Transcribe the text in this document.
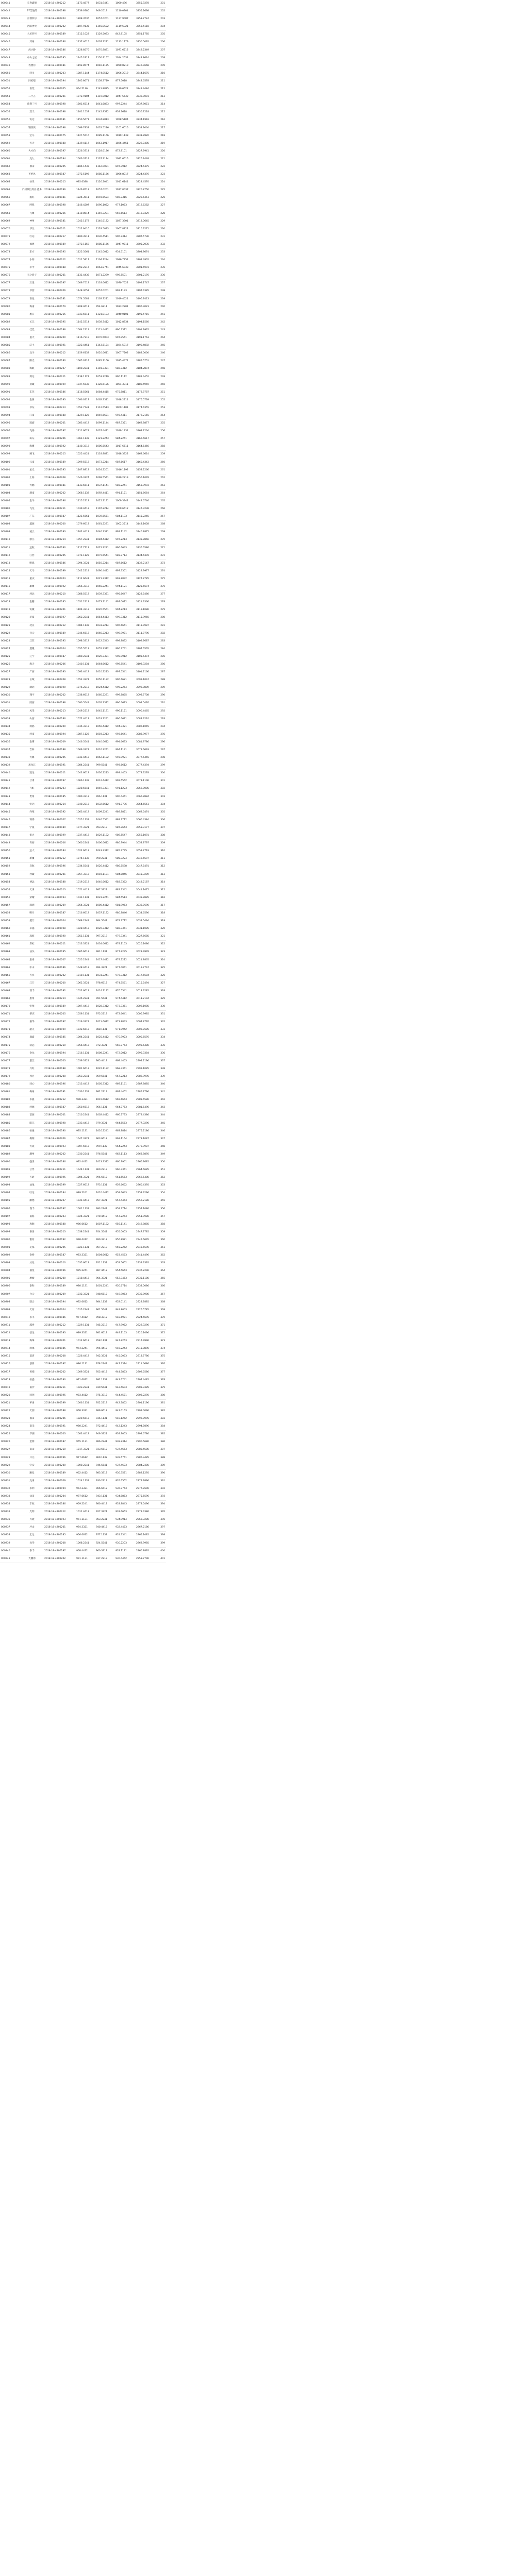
000041	长春鑫德	2018-18-4200212	1173.4877	1031.9441	1060.496	3255.9278	201
000042	97艾迪的	2018-18-4200198	2739.0786	949.2513	1110.0904	3255.2698	202
000043	京瑞四号	2018-18-4200204	1208.3536	1057.0201	1127.9087	3253.7724	203
000044	洛阳神火	2018-18-4200202	1107.9135	1145.8522	1119.6321	3253.4118	204
000045	大坨四号	2018-18-4200189	1212.1022	1129.5033	842.8105	3251.1785	205
000046	苏州	2018-18-4200186	1137.4615	1007.2211	1133.1179	3250.5095	206
000047	鸽小静	2018-18-4200186	1128.8576	1070.8831	1071.6212	3249.2349	207
000048	中山之星	2018-18-4200195	1145.2917	1150.9157	1014.2534	3248.8624	208
000049	我想你	2018-18-4200181	1192.8574	1046.1175	1050.8219	3246.9668	209
000050	四川	2018-18-4200203	1087.1144	1174.8512	1006.2019	3244.1675	210
000051	回家吧	2018-18-4200194	1205.8671	1158.3719	877.5018	3243.6578	211
000052	洪荒	2018-18-4200205	964.5136	1141.8825	1130.6522	3241.3484	212
000053	二十五	2018-18-4200201	1072.9104	1119.0012	1047.5532	3239.0001	213
000054	紫荆三号	2018-18-4200198	1201.6514	1041.6833	997.2244	3237.8051	214
000055	双天	2018-18-4200198	1101.1537	1145.8522	938.7618	3236.7218	215
000056	安达	2018-18-4200181	1150.5671	1034.8813	1058.5104	3234.1918	216
000057	钢铁侠	2018-18-4200198	1099.7833	1032.5216	1101.6015	3233.9064	217
000058	宝马	2018-18-4200175	1127.5516	1085.1166	1019.1138	3231.7820	218
000059	天天	2018-18-4200188	1139.4117	1063.1917	1026.4451	3229.0485	219
000060	大方向	2018-18-4200197	1226.3714	1128.6126	872.8101	3227.7941	220
000061	龙九	2018-18-4200194	1006.3719	1137.2114	1082.6615	3226.2448	221
000062	佛山	2018-18-4200205	1185.1432	1142.0031	897.3912	3224.5375	222
000063	英伦风	2018-18-4200187	1072.5193	1085.1166	1066.8017	3224.4376	223
000064	快乐	2018-18-4200215	985.6388	1126.2041	1011.6141	3223.4570	224
000065	广州领汇鸽业·佳乡	2018-18-4200196	1146.8512	1057.0201	1017.0037	3220.8750	225
000066	鑫旺	2018-18-4200181	1224.3511	1093.5524	902.7316	3220.6351	226
000067	阿凯	2018-18-4200198	1146.4207	1096.1022	977.1053	3219.6282	227
000068	飞鹰	2018-18-4200226	1110.8514	1149.3201	956.6614	3216.8329	228
000069	神州	2018-18-4200181	1045.1172	1140.6172	1027.3301	3213.0645	229
000070	华北	2018-18-4200211	1012.9416	1129.5033	1067.8822	3210.3271	230
000071	红运	2018-18-4200217	1180.3911	1030.4511	996.7314	3207.5736	231
000072	福建	2018-18-4200189	1072.1158	1085.1166	1047.9711	3205.2035	232
000073	东方	2018-18-4200195	1125.3561	1145.0012	934.5101	3204.8674	233
000074	小海	2018-18-4200212	1011.5917	1104.1234	1086.7751	3202.4902	234
000075	华中	2018-18-4200188	1092.2217	1063.8741	1045.6033	3201.6991	235
000076	天之骄子	2018-18-4200201	1131.4436	1071.2239	998.5501	3201.2176	236
000077	万里	2018-18-4200197	1009.7513	1118.6612	1070.7622	3199.1747	237
000078	华西	2018-18-4200206	1148.3051	1057.0201	992.1133	3197.4385	238
000079	新星	2018-18-4200181	1074.5581	1102.7211	1019.4621	3196.7413	239
000080	海南	2018-18-4200179	1208.4611	954.6211	1033.2201	3196.3023	240
000081	旭日	2018-18-4200215	1033.6511	1121.8103	1040.0101	3195.4715	241
000082	长江	2018-18-4200195	1142.5314	1038.7412	1012.8834	3194.1560	242
000083	佳佳	2018-18-4200188	1084.2211	1111.4412	996.3312	3191.9935	243
000084	蓝天	2018-18-4200200	1116.7219	1076.5003	997.9541	3191.1763	244
000085	沃土	2018-18-4200191	1022.4451	1143.5124	1024.5317	3190.4892	245
000086	北斗	2018-18-4200212	1159.6132	1020.6611	1007.7202	3188.0000	246
000087	阳光	2018-18-4200180	1065.0114	1085.1166	1035.4471	3185.5751	247
000088	海峡	2018-18-4200207	1100.2241	1101.3321	982.7312	3184.2874	248
000089	鸿运	2018-18-4200211	1138.1121	1053.2219	990.1112	3181.4452	249
000090	晨曦	2018-18-4200199	1047.5532	1128.6126	1004.3311	3180.4969	250
000091	东莞	2018-18-4200186	1118.5561	1084.4415	975.8811	3178.8787	251
000092	金翼	2018-18-4200193	1096.0217	1062.3311	1018.2211	3176.5739	252
000093	华东	2018-18-4200214	1052.7741	1112.5513	1009.1101	3174.4355	253
000094	江南	2018-18-4200188	1129.1123	1049.6621	993.4411	3172.2155	254
000095	凯旋	2018-18-4200201	1083.4412	1099.1144	987.3321	3169.8877	255
000096	飞扬	2018-18-4200197	1111.6622	1037.4411	1019.1231	3168.2264	256
000097	山东	2018-18-4200206	1061.1133	1121.2243	984.2241	3166.5617	257
000098	海鹰	2018-18-4200192	1140.3312	1006.5543	1017.6611	3164.5466	258
000099	腾飞	2018-18-4200215	1025.4421	1118.8871	1018.3322	3162.6614	259
000100	云南	2018-18-4200189	1099.5512	1073.2214	987.6617	3160.4343	260
000101	星光	2018-18-4200195	1107.8813	1034.2261	1016.1192	3158.2266	261
000102	上海	2018-18-4200208	1046.3324	1099.5541	1010.2213	3156.1078	262
000103	大鹏	2018-18-4200181	1133.6611	1037.1141	983.2241	3153.9993	263
000104	湖南	2018-18-4200202	1068.1132	1092.4411	991.1121	3151.6664	264
000105	金牛	2018-18-4200196	1115.2213	1025.1191	1009.3342	3149.6746	265
000106	飞龙	2018-18-4200211	1039.4412	1107.2214	1000.6612	3147.3238	266
000107	广东	2018-18-4200187	1121.5561	1039.5551	984.1133	3145.2245	267
000108	鑫源	2018-18-4200200	1079.6613	1061.2231	1002.2214	3143.1058	268
000109	凌云	2018-18-4200193	1102.4412	1046.3321	992.1142	3140.8875	269
000110	浙江	2018-18-4200214	1057.2241	1084.4412	997.2213	3138.8866	270
000111	远航	2018-18-4200190	1117.7712	1022.2231	996.6643	3136.6586	271
000112	江西	2018-18-4200205	1071.1123	1079.5541	983.7714	3134.4378	272
000113	明珠	2018-18-4200186	1094.3321	1050.2214	987.6612	3132.2147	273
000114	天马	2018-18-4200199	1042.2214	1090.4412	997.3351	3129.9977	274
000115	重庆	2018-18-4200203	1112.6641	1021.3312	993.8832	3127.8785	275
000116	雄鹰	2018-18-4200192	1066.3312	1065.2241	994.1121	3125.6674	276
000117	河北	2018-18-4200210	1088.5512	1039.3321	995.6647	3123.5480	277
000118	金鹏	2018-18-4200185	1051.2213	1073.1141	997.0012	3121.3366	278
000119	安徽	2018-18-4200201	1104.3312	1020.5561	994.2213	3119.1086	279
000120	华夏	2018-18-4200197	1062.2241	1054.4413	999.3312	3115.9966	280
000121	北京	2018-18-4200212	1084.1132	1033.2214	996.6641	3113.9987	281
000122	祥云	2018-18-4200189	1046.6612	1066.2213	998.9971	3111.8796	282
000123	江苏	2018-18-4200195	1098.3312	1012.5543	998.8832	3109.7687	283
000124	鑫隆	2018-18-4200204	1055.5512	1055.3312	996.7741	3107.6565	284
000125	辽宁	2018-18-4200187	1080.2241	1026.3321	998.9912	3105.5474	285
000126	海天	2018-18-4200206	1040.1131	1064.6612	998.5541	3103.3284	286
000127	广西	2018-18-4200193	1093.4412	1010.2213	997.5541	3101.2166	287
000128	长城	2018-18-4200208	1052.3321	1050.1132	996.6621	3099.1074	288
000129	湖北	2018-18-4200190	1076.2213	1024.4412	996.2264	3096.8889	289
000130	翔宇	2018-18-4200202	1038.6612	1060.2231	999.8865	3098.7708	290
000131	陕西	2018-18-4200198	1090.5541	1005.3312	996.6623	3092.5476	291
000132	风采	2018-18-4200213	1049.2213	1045.1131	996.1121	3090.4465	292
000133	山西	2018-18-4200186	1072.4412	1019.2241	996.6621	3088.3274	293
000134	鸿鹄	2018-18-4200200	1035.3312	1056.4412	994.3321	3086.1045	294
000135	河南	2018-18-4200194	1087.1123	1003.2213	993.6641	3083.9977	295
000136	金鹰	2018-18-4200209	1046.5541	1040.6612	994.6633	3081.8786	296
000137	吉林	2018-18-4200188	1069.3321	1016.2241	994.1131	3079.6693	297
000138	天翼	2018-18-4200205	1031.4412	1052.1132	993.9921	3077.5465	298
000139	黑龙江	2018-18-4200191	1084.2241	999.5541	993.6612	3077.4394	299
000140	凯达	2018-18-4200211	1043.6612	1036.2213	993.4453	3073.3278	300
000141	甘肃	2018-18-4200197	1066.1132	1012.4412	992.5562	3071.1106	301
000142	飞虹	2018-18-4200203	1028.5541	1049.3321	991.1223	3069.0085	302
000143	贵州	2018-18-4200185	1080.3312	996.1131	990.4441	3066.8884	303
000144	宏达	2018-18-4200214	1040.2213	1032.6612	991.7736	3064.6561	304
000145	内蒙	2018-18-4200192	1063.4412	1009.2241	989.8821	3062.5474	305
000146	锦绣	2018-18-4200207	1025.1131	1046.5541	988.7712	3060.4384	306
000147	宁夏	2018-18-4200189	1077.3321	993.2213	987.7643	3058.3177	307
000148	振兴	2018-18-4200199	1037.4412	1029.1132	989.5547	3056.1091	308
000149	青海	2018-18-4200206	1060.2241	1006.6612	986.9944	3053.8797	309
000150	远大	2018-18-4200184	1022.6612	1043.3312	985.7795	3051.7719	310
000151	新疆	2018-18-4200212	1074.1132	990.2241	985.3224	3049.6597	311
000152	启航	2018-18-4200196	1034.5541	1026.4412	986.5538	3047.5491	312
000153	西藏	2018-18-4200201	1057.3312	1003.1131	984.8846	3045.3289	313
000154	博远	2018-18-4200188	1019.2213	1040.6612	983.3362	3043.2187	314
000155	天津	2018-18-4200213	1071.4412	987.3321	982.3342	3041.1075	315
000156	荣耀	2018-18-4200193	1031.1131	1023.2241	984.5513	3038.8885	316
000157	深圳	2018-18-4200209	1054.3321	1000.4412	981.9963	3036.7696	317
000158	明月	2018-18-4200187	1016.6612	1037.1132	980.8846	3034.6590	318
000159	厦门	2018-18-4200204	1068.2241	984.5541	979.7712	3032.5494	319
000160	卓越	2018-18-4200198	1028.4412	1020.3312	982.3361	3031.1085	320
000161	珠海	2018-18-4200190	1051.1131	997.2213	979.3341	3027.6685	321
000162	彩虹	2018-18-4200211	1013.3321	1034.6612	978.1153	3026.1086	322
000163	汕头	2018-18-4200195	1065.6612	981.1131	977.2235	3023.9978	323
000164	康泰	2018-18-4200207	1025.2241	1017.4412	979.2212	3021.8865	324
000165	中山	2018-18-4200186	1048.4412	994.3321	977.0041	3019.7774	325
000166	吉祥	2018-18-4200202	1010.1131	1031.2241	976.3312	3017.6684	326
000167	江门	2018-18-4200200	1062.3321	978.6612	974.5561	3015.5494	327
000168	瑞丰	2018-18-4200192	1022.6612	1014.1132	976.5541	3013.3285	328
000169	惠州	2018-18-4200214	1045.2241	991.5541	974.4412	3011.2194	329
000170	宏图	2018-18-4200189	1007.4412	1028.3312	973.3361	3009.1085	330
000171	肇庆	2018-18-4200205	1059.1131	975.2213	972.6641	3006.9985	331
000172	嘉华	2018-18-4200197	1019.3321	1011.6612	973.8843	3004.8776	332
000173	韶关	2018-18-4200199	1042.6612	988.1131	971.9942	3002.7685	333
000174	鼎盛	2018-18-4200185	1004.2241	1025.4412	970.9923	3000.6576	334
000175	清远	2018-18-4200210	1056.4412	972.3321	969.7753	2998.5486	335
000176	金龙	2018-18-4200194	1016.1131	1008.2241	972.0012	2996.3384	336
000177	湛江	2018-18-4200203	1039.3321	985.4412	969.4463	2994.2196	337
000178	兴旺	2018-18-4200188	1001.6612	1022.1132	968.3341	2992.1085	338
000179	茂名	2018-18-4200208	1053.2241	969.5541	967.2213	2989.9995	339
000180	同心	2018-18-4200196	1013.4412	1005.3312	969.1161	2987.8885	340
000181	梅州	2018-18-4200191	1036.1131	982.2213	967.4452	2985.7796	341
000182	永盛	2018-18-4200212	998.3321	1019.6612	965.6653	2983.6586	342
000183	河源	2018-18-4200187	1050.6612	966.1131	964.7753	2981.5496	343
000184	富源	2018-18-4200201	1010.2241	1002.4412	966.7733	2979.4386	344
000185	阳江	2018-18-4200198	1033.4412	979.3321	964.5563	2977.3296	345
000186	恒通	2018-18-4200190	995.1131	1016.2241	963.8814	2975.2186	346
000187	揭阳	2018-18-4200206	1047.3321	963.6612	962.1154	2973.1087	347
000188	天成	2018-18-4200193	1007.6612	999.1132	964.2243	2970.9987	348
000189	潮州	2018-18-4200202	1030.2241	976.5541	962.1113	2968.8895	349
000190	盛世	2018-18-4200186	992.4412	1013.3312	960.9961	2966.7685	350
000191	云浮	2018-18-4200211	1044.1131	960.2213	960.3341	2964.6685	351
000192	万通	2018-18-4200195	1004.3321	996.6612	961.5553	2962.5486	352
000193	汕尾	2018-18-4200199	1027.6612	973.1131	959.6652	2960.4395	353
000194	旺达	2018-18-4200184	989.2241	1010.4412	958.6643	2958.3296	354
000195	顺德	2018-18-4200207	1041.4412	957.3321	957.4453	2956.2186	355
000196	润丰	2018-18-4200197	1001.1131	993.2241	959.7714	2954.1086	356
000197	南海	2018-18-4200203	1024.3321	970.4412	957.2253	2951.9986	357
000198	和顺	2018-18-4200188	986.6612	1007.1132	956.1141	2949.8885	358
000199	番禺	2018-18-4200213	1038.2241	954.5541	955.0003	2947.7785	359
000200	银河	2018-18-4200192	998.4412	990.3312	956.8971	2945.6695	360
000201	花都	2018-18-4200205	1021.1131	967.2213	955.2252	2943.5596	361
000202	金桥	2018-18-4200187	983.3321	1004.6612	953.4563	2941.4496	362
000203	从化	2018-18-4200210	1035.6612	951.1131	952.5652	2939.3395	363
000204	福星	2018-18-4200196	995.2241	987.4412	954.5643	2937.2296	364
000205	增城	2018-18-4200200	1018.4412	964.3321	952.3453	2935.1186	365
000206	泰和	2018-18-4200189	980.1131	1001.2241	950.6714	2933.0086	366
000207	白云	2018-18-4200209	1032.3321	948.6612	949.9053	2930.8986	367
000208	联合	2018-18-4200194	992.6612	984.1132	952.0141	2928.7885	368
000209	天河	2018-18-4200204	1015.2241	961.5541	949.8003	2926.5785	369
000210	永丰	2018-18-4200186	977.4412	998.3312	948.6971	2924.4695	370
000211	越秀	2018-18-4200212	1029.1131	945.2213	947.9952	2922.3296	371
000212	信达	2018-18-4200193	989.3321	981.6612	949.1163	2920.1096	372
000213	海珠	2018-18-4200201	1012.6612	958.1131	947.2253	2917.9996	373
000214	鸿福	2018-18-4200185	974.2241	995.4412	946.2243	2915.8896	374
000215	荔湾	2018-18-4200208	1026.4412	942.3321	945.0053	2913.7786	375
000216	创新	2018-18-4200197	986.1131	978.2241	947.3314	2911.6686	376
000217	黄埔	2018-18-4200202	1009.3321	955.4412	944.7853	2909.5586	377
000218	恒盛	2018-18-4200190	971.6612	992.1132	943.6741	2907.4485	378
000219	南沙	2018-18-4200211	1023.2241	939.5541	942.5603	2905.3385	379
000220	同创	2018-18-4200195	983.4412	975.3312	944.4571	2903.2295	380
000221	萝岗	2018-18-4200199	1006.1131	952.2213	942.7852	2901.1196	381
000222	天润	2018-18-4200188	968.3321	989.6612	941.0163	2899.0096	382
000223	福田	2018-18-4200206	1020.6612	936.1131	940.1252	2896.8995	383
000224	嘉禾	2018-18-4200191	980.2241	972.4412	942.1243	2894.7896	384
000225	罗湖	2018-18-4200203	1003.4412	949.3321	939.9053	2892.6786	385
000226	金源	2018-18-4200187	965.1131	986.2241	938.2314	2890.5686	386
000227	南山	2018-18-4200210	1017.3321	933.6612	937.4653	2888.4586	387
000228	开元	2018-18-4200196	977.6612	969.1132	939.5741	2886.3485	388
000229	宝安	2018-18-4200200	1000.2241	946.5541	937.4603	2884.2385	389
000230	顺发	2018-18-4200189	962.4412	983.3312	936.3571	2882.1295	390
000231	龙岗	2018-18-4200209	1014.1131	930.2213	935.6552	2879.9896	391
000232	永利	2018-18-4200194	974.3321	966.6612	936.7763	2877.7696	392
000233	盐田	2018-18-4200204	997.6612	943.1131	934.8853	2875.6596	393
000234	丰收	2018-18-4200186	959.2241	980.4412	933.8843	2873.5496	394
000235	光明	2018-18-4200212	1011.4412	927.3321	932.6653	2871.4386	395
000236	兴隆	2018-18-4200193	971.1131	963.2241	934.9914	2869.3286	396
000237	坪山	2018-18-4200201	994.3321	940.4412	932.4453	2867.2186	397
000238	宏运	2018-18-4200185	956.6612	977.1132	931.3341	2865.1085	398
000239	龙华	2018-18-4200208	1008.2241	924.5541	930.2203	2862.9985	399
000240	泰丰	2018-18-4200197	968.4412	960.3312	932.1171	2860.8895	400
000241	大鹏湾	2018-18-4200202	991.1131	937.2213	930.4452	2858.7796	401
